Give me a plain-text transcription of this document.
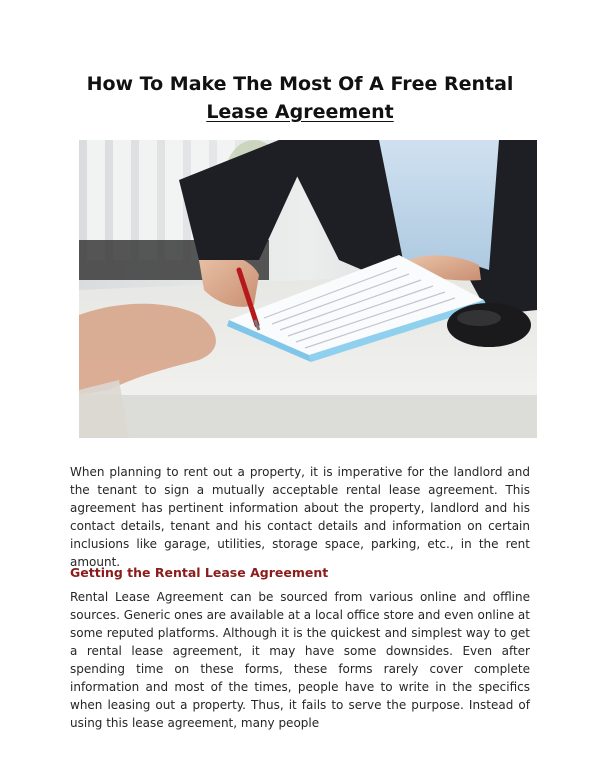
How To Make The Most Of A Free Rental
Lease Agreement

When planning to rent out a property, it is imperative for the landlord and the tenant to sign a mutually acceptable rental lease agreement. This agreement has pertinent information about the property, landlord and his contact details, tenant and his contact details and information on certain inclusions like garage, utilities, storage space, parking, etc., in the rent amount.

Getting the Rental Lease Agreement

Rental Lease Agreement can be sourced from various online and offline sources. Generic ones are available at a local office store and even online at some reputed platforms. Although it is the quickest and simplest way to get a rental lease agreement, it may have some downsides. Even after spending time on these forms, these forms rarely cover complete information and most of the times, people have to write in the specifics when leasing out a property. Thus, it fails to serve the purpose. Instead of using this lease agreement, many people
